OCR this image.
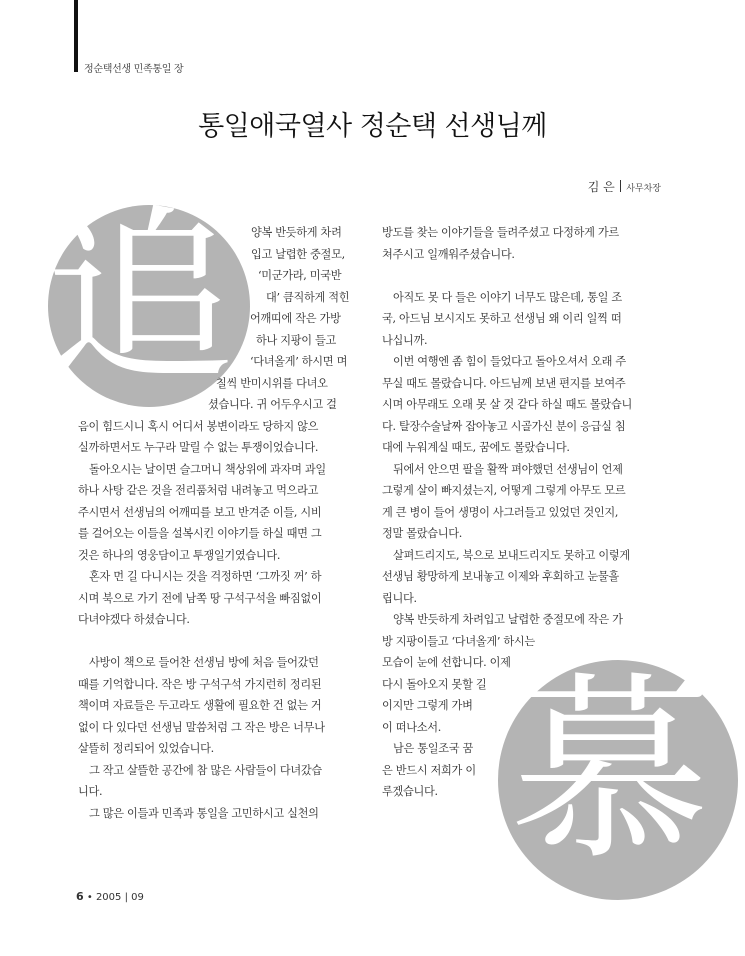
정순택선생 민족통일 장
통일애국열사 정순택 선생님께
김 은 사무차장
追
慕

양복 반듯하게 차려

입고 날렵한 중절모,

‘미군가라, 미국반

대’ 큼직하게 적힌

어깨띠에 작은 가방

하나 지팡이 들고

‘다녀올게’ 하시면 며

칠씩 반미시위를 다녀오

셨습니다. 귀 어두우시고 걸

음이 힘드시니 혹시 어디서 봉변이라도 당하지 않으

실까하면서도 누구라 말릴 수 없는 투쟁이었습니다.

돌아오시는 날이면 슬그머니 책상위에 과자며 과일

하나 사탕 같은 것을 전리품처럼 내려놓고 먹으라고

주시면서 선생님의 어깨띠를 보고 반겨준 이들, 시비

를 걸어오는 이들을 설복시킨 이야기들 하실 때면 그

것은 하나의 영웅담이고 투쟁일기였습니다.

혼자 먼 길 다니시는 것을 걱정하면 ‘그까짓 꺼’ 하

시며 북으로 가기 전에 남쪽 땅 구석구석을 빠짐없이

다녀야겠다 하셨습니다.

사방이 책으로 들어찬 선생님 방에 처음 들어갔던

때를 기억합니다. 작은 방 구석구석 가지런히 정리된

책이며 자료들은 두고라도 생활에 필요한 건 없는 거

없이 다 있다던 선생님 말씀처럼 그 작은 방은 너무나

살뜰히 정리되어 있었습니다.

그 작고 살뜰한 공간에 참 많은 사람들이 다녀갔습

니다.

그 많은 이들과 민족과 통일을 고민하시고 실천의

방도를 찾는 이야기들을 들려주셨고 다정하게 가르

쳐주시고 일깨워주셨습니다.

아직도 못 다 들은 이야기 너무도 많은데, 통일 조

국, 아드님 보시지도 못하고 선생님 왜 이리 일찍 떠

나십니까.

이번 여행엔 좀 힘이 들었다고 돌아오셔서 오래 주

무실 때도 몰랐습니다. 아드님께 보낸 편지를 보여주

시며 아무래도 오래 못 살 것 같다 하실 때도 몰랐습니

다. 탈장수술날짜 잡아놓고 시골가신 분이 응급실 침

대에 누워계실 때도, 꿈에도 몰랐습니다.

뒤에서 안으면 팔을 활짝 펴야했던 선생님이 언제

그렇게 살이 빠지셨는지, 어떻게 그렇게 아무도 모르

게 큰 병이 들어 생명이 사그러들고 있었던 것인지,

정말 몰랐습니다.

살펴드리지도, 북으로 보내드리지도 못하고 이렇게

선생님 황망하게 보내놓고 이제와 후회하고 눈물흘

립니다.

양복 반듯하게 차려입고 날렵한 중절모에 작은 가

방 지팡이들고 ‘다녀올게’ 하시는

모습이 눈에 선합니다. 이제

다시 돌아오지 못할 길

이지만 그렇게 가벼

이 떠나소서.

남은 통일조국 꿈

은 반드시 저희가 이

루겠습니다.

6 • 2005 | 09
